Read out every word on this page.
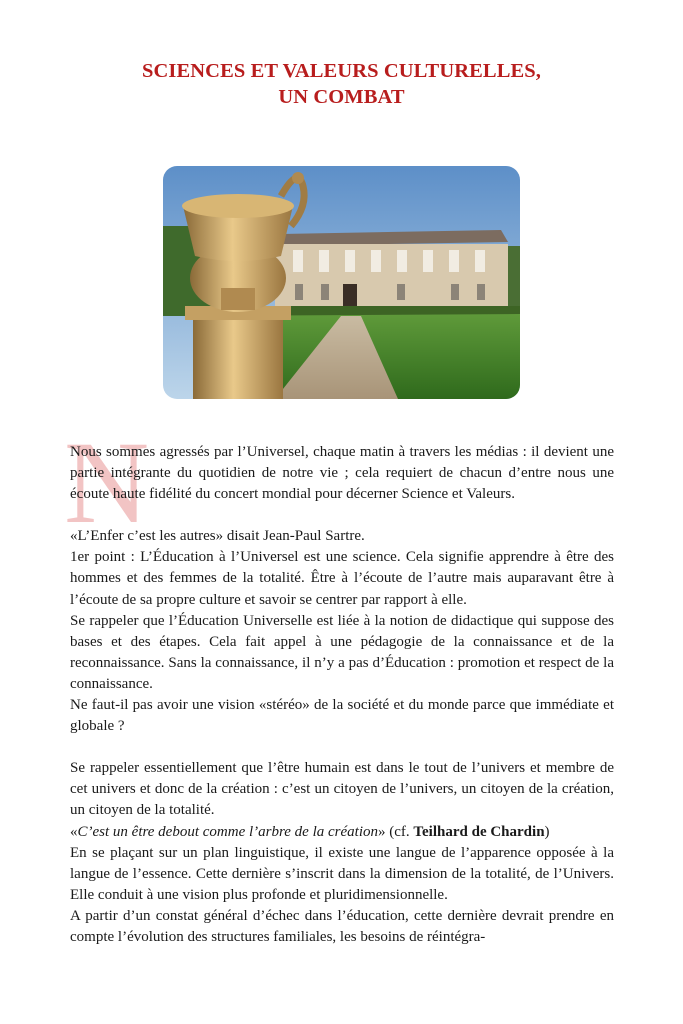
SCIENCES ET VALEURS CULTURELLES,
UN COMBAT
N

Nous sommes agressés par l’Universel, chaque matin à travers les médias : il devient une partie intégrante du quotidien de notre vie ; cela requiert de chacun d’entre nous une écoute haute fidélité du concert mondial pour décerner Science et Valeurs.

«L’Enfer c’est les autres» disait Jean-Paul Sartre.

1er point : L’Éducation à l’Universel est une science. Cela signifie apprendre à être des hommes et des femmes de la totalité. Être à l’écoute de l’autre mais auparavant être à l’écoute de sa propre culture et savoir se centrer par rapport à elle.

Se rappeler que l’Éducation Universelle est liée à la notion de didactique qui suppose des bases et des étapes. Cela fait appel à une pédagogie de la connaissance et de la reconnaissance. Sans la connaissance, il n’y a pas d’Éducation : promotion et respect de la connaissance.

Ne faut-il pas avoir une vision «stéréo» de la société et du monde parce que immédiate et globale ?

Se rappeler essentiellement que l’être humain est dans le tout de l’univers et membre de cet univers et donc de la création : c’est un citoyen de l’univers, un citoyen de la création, un citoyen de la totalité.

«C’est un être debout comme l’arbre de la création» (cf. Teilhard de Chardin)

En se plaçant sur un plan linguistique, il existe une langue de l’apparence opposée à la langue de l’essence. Cette dernière s’inscrit dans la dimension de la totalité, de l’Univers. Elle conduit à une vision plus profonde et pluridimensionnelle.

A partir d’un constat général d’échec dans l’éducation, cette dernière devrait prendre en compte l’évolution des structures familiales, les besoins de réintégra-
